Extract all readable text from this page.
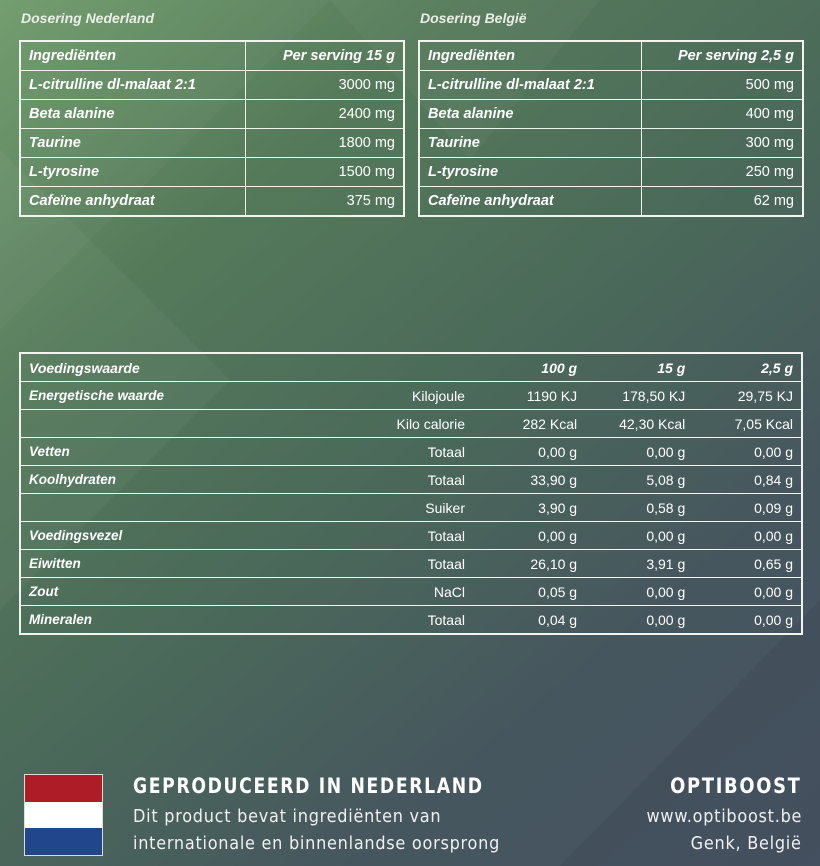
Dosering Nederland
Ingrediënten	Per serving 15 g
L-citrulline dl-malaat 2:1	3000 mg
Beta alanine	2400 mg
Taurine	1800 mg
L-tyrosine	1500 mg
Cafeïne anhydraat	375 mg
Dosering België
Ingrediënten	Per serving 2,5 g
L-citrulline dl-malaat 2:1	500 mg
Beta alanine	400 mg
Taurine	300 mg
L-tyrosine	250 mg
Cafeïne anhydraat	62 mg
Voedingswaarde		100 g	15 g	2,5 g
Energetische waarde	Kilojoule	1190 KJ	178,50 KJ	29,75 KJ
	Kilo calorie	282 Kcal	42,30 Kcal	7,05 Kcal
Vetten	Totaal	0,00 g	0,00 g	0,00 g
Koolhydraten	Totaal	33,90 g	5,08 g	0,84 g
	Suiker	3,90 g	0,58 g	0,09 g
Voedingsvezel	Totaal	0,00 g	0,00 g	0,00 g
Eiwitten	Totaal	26,10 g	3,91 g	0,65 g
Zout	NaCl	0,05 g	0,00 g	0,00 g
Mineralen	Totaal	0,04 g	0,00 g	0,00 g
GEPRODUCEERD IN NEDERLAND
Dit product bevat ingrediënten van
internationale en binnenlandse oorsprong
OPTIBOOST
www.optiboost.be
Genk, België
